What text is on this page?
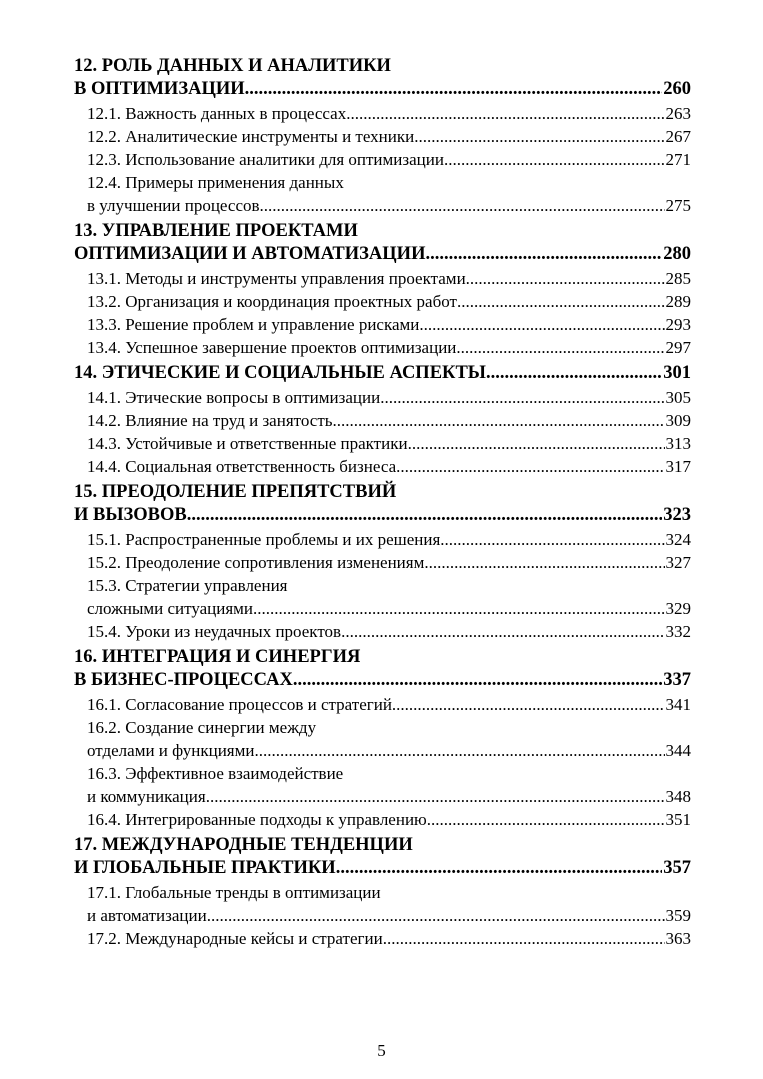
12. РОЛЬ ДАННЫХ И АНАЛИТИКИ
В ОПТИМИЗАЦИИ .....	260
12.1. Важность данных в процессах .....	263
12.2. Аналитические инструменты и техники .....	267
12.3. Использование аналитики для оптимизации .....	271
12.4. Примеры применения данных
в улучшении процессов .....	275
13. УПРАВЛЕНИЕ ПРОЕКТАМИ
ОПТИМИЗАЦИИ И АВТОМАТИЗАЦИИ .....	280
13.1. Методы и инструменты управления проектами .....	285
13.2. Организация и координация проектных работ .....	289
13.3. Решение проблем и управление рисками .....	293
13.4. Успешное завершение проектов оптимизации .....	297
14. ЭТИЧЕСКИЕ И СОЦИАЛЬНЫЕ АСПЕКТЫ .....	301
14.1. Этические вопросы в оптимизации .....	305
14.2. Влияние на труд и занятость .....	309
14.3. Устойчивые и ответственные практики .....	313
14.4. Социальная ответственность бизнеса .....	317
15. ПРЕОДОЛЕНИЕ ПРЕПЯТСТВИЙ
И ВЫЗОВОВ .....	323
15.1. Распространенные проблемы и их решения .....	324
15.2. Преодоление сопротивления изменениям .....	327
15.3. Стратегии управления
сложными ситуациями .....	329
15.4. Уроки из неудачных проектов .....	332
16. ИНТЕГРАЦИЯ И СИНЕРГИЯ
В БИЗНЕС-ПРОЦЕССАХ .....	337
16.1. Согласование процессов и стратегий .....	341
16.2. Создание синергии между
отделами и функциями .....	344
16.3. Эффективное взаимодействие
и коммуникация .....	348
16.4. Интегрированные подходы к управлению .....	351
17. МЕЖДУНАРОДНЫЕ ТЕНДЕНЦИИ
И ГЛОБАЛЬНЫЕ ПРАКТИКИ .....	357
17.1. Глобальные тренды в оптимизации
и автоматизации .....	359
17.2. Международные кейсы и стратегии .....	363
5
